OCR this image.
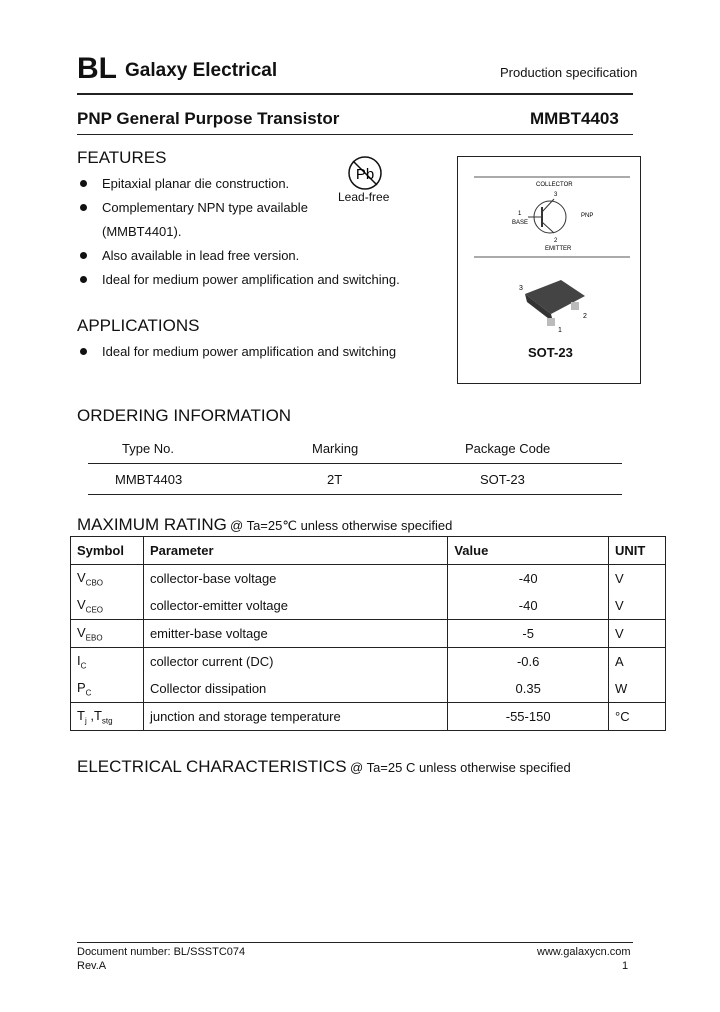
BL Galaxy Electrical	Production specification
PNP General Purpose Transistor	MMBT4403
FEATURES
Epitaxial planar die construction.
Complementary NPN type available
(MMBT4401).
Also available in lead free version.
Ideal for medium power amplification and switching.
Pb
Lead-free
COLLECTOR
3
1
BASE
PNP
2
EMITTER
3
2
1
SOT-23
APPLICATIONS
Ideal for medium power amplification and switching
ORDERING INFORMATION
Type No.	Marking	Package Code
MMBT4403	2T	SOT-23
MAXIMUM RATING @ Ta=25℃ unless otherwise specified
Symbol	Parameter	Value	UNIT
$V_{CBO}$	collector-base voltage	-40	V
$V_{CEO}$	collector-emitter voltage	-40	V
$V_{EBO}$	emitter-base voltage	-5	V
$I_C$	collector current (DC)	-0.6	A
$P_C$	Collector dissipation	0.35	W
$T_j$ $,T_{stg}$	junction and storage temperature	-55-150	°C
ELECTRICAL CHARACTERISTICS @ Ta=25 C unless otherwise specified
Document number: BL/SSSTC074
Rev.A
www.galaxycn.com
1
